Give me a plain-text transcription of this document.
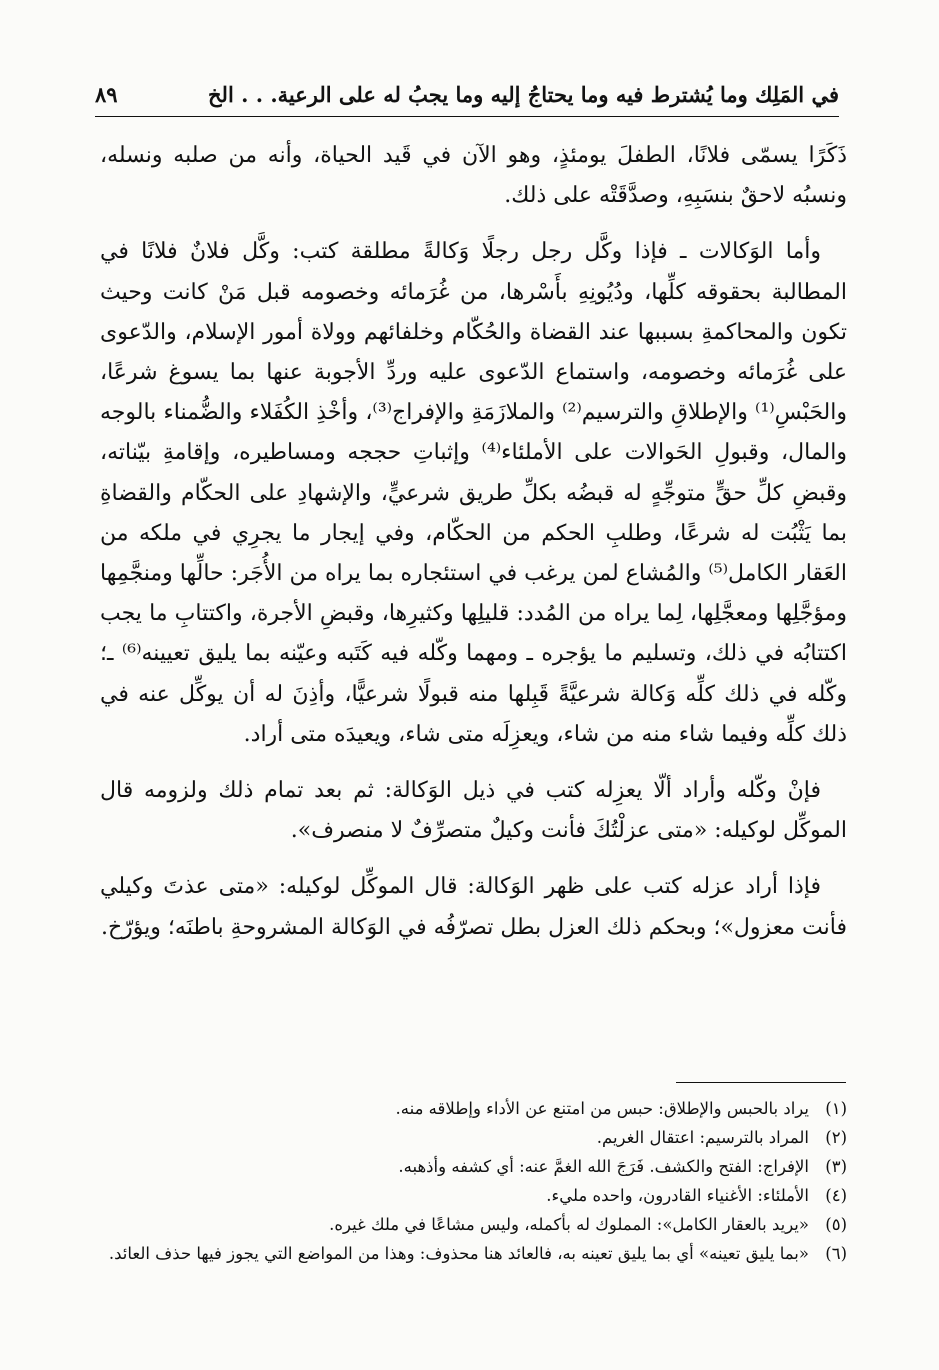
في المَلِك وما يُشترط فيه وما يحتاجُ إليه وما يجبُ له على الرعية. . . الخ
٨٩

ذَكَرًا يسمّى فلانًا، الطفلَ يومئذٍ، وهو الآن في قَيد الحياة، وأنه من صلبه ونسله، ونسبُه لاحقٌ بنسَبِهِ، وصدَّقَتْه على ذلك.

وأما الوَكالات ـ فإذا وكَّل رجل رجلًا وَكالةً مطلقة كتب: وكَّل فلانٌ فلانًا في المطالبة بحقوقه كلِّها، ودُيُونِهِ بأَسْرها، من غُرَمائه وخصومه قبل مَنْ كانت وحيث تكون والمحاكمةِ بسببها عند القضاة والحُكّام وخلفائهم وولاة أمور الإسلام، والدّعوى على غُرَمائه وخصومه، واستماع الدّعوى عليه وردِّ الأجوبة عنها بما يسوغ شرعًا، والحَبْسِ⁽¹⁾ والإطلاقِ والترسيم⁽²⁾ والملازَمَةِ والإفراج⁽³⁾، وأخْذِ الكُفَلاء والضُّمناء بالوجه والمال، وقبولِ الحَوالات على الأملئاء⁽⁴⁾ وإثباتِ حججه ومساطيره، وإقامةِ بيّناته، وقبضِ كلِّ حقٍّ متوجِّهٍ له قبضُه بكلِّ طريق شرعيٍّ، والإشهادِ على الحكّام والقضاةِ بما يَثْبُت له شرعًا، وطلبِ الحكم من الحكّام، وفي إيجار ما يجرِي في ملكه من العَقار الكامل⁽⁵⁾ والمُشاع لمن يرغب في استئجاره بما يراه من الأُجَر: حالِّها ومنجَّمِها ومؤجَّلِها ومعجَّلِها، لِما يراه من المُدد: قليلِها وكثيرِها، وقبضِ الأجرة، واكتتابِ ما يجب اكتتابُه في ذلك، وتسليم ما يؤجره ـ ومهما وكّله فيه كَتَبه وعيّنه بما يليق تعيينه⁽⁶⁾ ـ؛ وكّله في ذلك كلِّه وَكالة شرعيَّةً قَبِلها منه قبولًا شرعيًّا، وأذِنَ له أن يوكِّل عنه في ذلك كلِّه وفيما شاء منه من شاء، ويعزِلَه متى شاء، ويعيدَه متى أراد.

فإنْ وكّله وأراد ألّا يعزِله كتب في ذيل الوَكالة: ثم بعد تمام ذلك ولزومه قال الموكِّل لوكيله: «متى عزلْتُكَ فأنت وكيلٌ متصرِّفٌ لا منصرف».

فإذا أراد عزله كتب على ظهر الوَكالة: قال الموكِّل لوكيله: «متى عذتَ وكيلي فأنت معزول»؛ وبحكم ذلك العزل بطل تصرّفُه في الوَكالة المشروحةِ باطنَه؛ ويؤرّخ.

(١)
يراد بالحبس والإطلاق: حبس من امتنع عن الأداء وإطلاقه منه.
(٢)
المراد بالترسيم: اعتقال الغريم.
(٣)
الإفراج: الفتح والكشف. فَرَجَ الله الغمَّ عنه: أي كشفه وأذهبه.
(٤)
الأملئاء: الأغنياء القادرون، واحده مليء.
(٥)
«يريد بالعقار الكامل»: المملوك له بأكمله، وليس مشاعًا في ملك غيره.
(٦)
«بما يليق تعينه» أي بما يليق تعينه به، فالعائد هنا محذوف: وهذا من المواضع التي يجوز فيها حذف العائد.
